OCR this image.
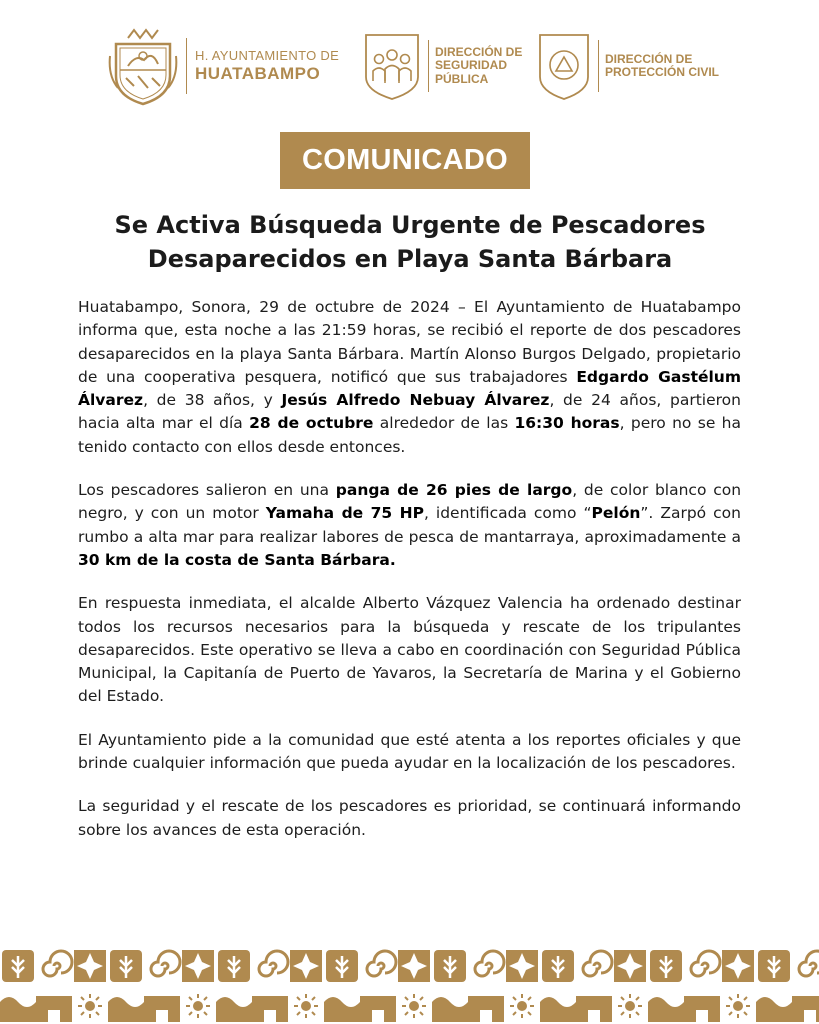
H. AYUNTAMIENTO DE
HUATABAMPO
DIRECCIÓN DE
SEGURIDAD
PÚBLICA
DIRECCIÓN DE
PROTECCIÓN CIVIL
COMUNICADO
Se Activa Búsqueda Urgente de Pescadores
Desaparecidos en Playa Santa Bárbara

Huatabampo, Sonora, 29 de octubre de 2024 – El Ayuntamiento de Huatabampo informa que, esta noche a las 21:59 horas, se recibió el reporte de dos pescadores desaparecidos en la playa Santa Bárbara. Martín Alonso Burgos Delgado, propietario de una cooperativa pesquera, notificó que sus trabajadores Edgardo Gastélum Álvarez, de 38 años, y Jesús Alfredo Nebuay Álvarez, de 24 años, partieron hacia alta mar el día 28 de octubre alrededor de las 16:30 horas, pero no se ha tenido contacto con ellos desde entonces.

Los pescadores salieron en una panga de 26 pies de largo, de color blanco con negro, y con un motor Yamaha de 75 HP, identificada como “Pelón”. Zarpó con rumbo a alta mar para realizar labores de pesca de mantarraya, aproximadamente a 30 km de la costa de Santa Bárbara.

En respuesta inmediata, el alcalde Alberto Vázquez Valencia ha ordenado destinar todos los recursos necesarios para la búsqueda y rescate de los tripulantes desaparecidos. Este operativo se lleva a cabo en coordinación con Seguridad Pública Municipal, la Capitanía de Puerto de Yavaros, la Secretaría de Marina y el Gobierno del Estado.

El Ayuntamiento pide a la comunidad que esté atenta a los reportes oficiales y que brinde cualquier información que pueda ayudar en la localización de los pescadores.

La seguridad y el rescate de los pescadores es prioridad, se continuará informando sobre los avances de esta operación.
